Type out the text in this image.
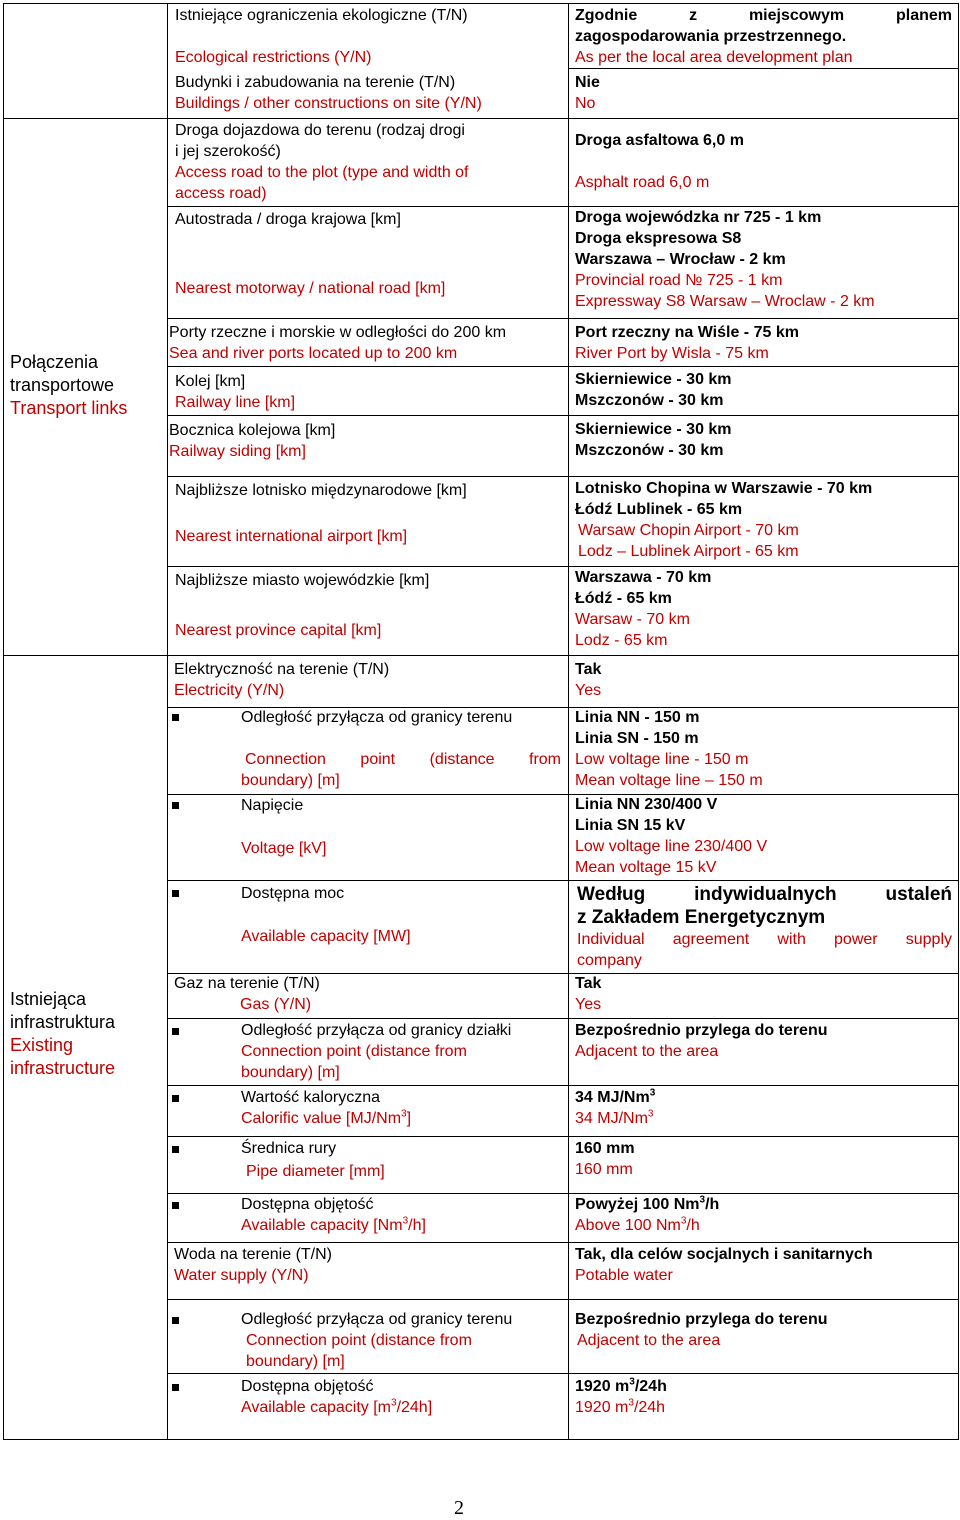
Połączenia
transportowe
Transport links
Istniejąca
infrastruktura
Existing
infrastructure
Istniejące ograniczenia ekologiczne (T/N)
Ecological restrictions (Y/N)
Zgodnie z miejscowym planem
zagospodarowania przestrzennego.
As per the local area development plan
Budynki i zabudowania na terenie (T/N)
Buildings / other constructions on site (Y/N)
Nie
No
Droga dojazdowa do terenu (rodzaj drogi
i jej szerokość)
Access road to the plot (type and width of
access road)
Droga asfaltowa 6,0 m
Asphalt road 6,0 m
Autostrada / droga krajowa [km]
Nearest motorway / national road [km]
Droga wojewódzka nr 725 - 1 km
Droga ekspresowa S8
Warszawa – Wrocław - 2 km
Provincial road № 725 - 1 km
Expressway S8 Warsaw – Wroclaw - 2 km
Porty rzeczne i morskie w odległości do 200 km
Sea and river ports located up to 200 km
Port rzeczny na Wiśle - 75 km
River Port by Wisla - 75 km
Kolej [km]
Railway line [km]
Skierniewice - 30 km
Mszczonów - 30 km
Bocznica kolejowa [km]
Railway siding [km]
Skierniewice - 30 km
Mszczonów - 30 km
Najbliższe lotnisko międzynarodowe [km]
Nearest international airport [km]
Lotnisko Chopina w Warszawie - 70 km
Łódź Lublinek - 65 km
Warsaw Chopin Airport - 70 km
Lodz – Lublinek Airport - 65 km
Najbliższe miasto wojewódzkie [km]
Nearest province capital [km]
Warszawa - 70 km
Łódź - 65 km
Warsaw - 70 km
Lodz - 65 km
Elektryczność na terenie (T/N)
Electricity (Y/N)
Tak
Yes
Odległość przyłącza od granicy terenu
Connection point (distance from
boundary) [m]
Linia NN - 150 m
Linia SN - 150 m
Low voltage line - 150 m
Mean voltage line – 150 m
Napięcie
Voltage [kV]
Linia NN 230/400 V
Linia SN 15 kV
Low voltage line 230/400 V
Mean voltage 15 kV
Dostępna moc
Available capacity [MW]
Według indywidualnych ustaleń
z Zakładem Energetycznym
Individual agreement with power supply
company
Gaz na terenie (T/N)
Gas (Y/N)
Tak
Yes
Odległość przyłącza od granicy działki
Connection point (distance from
boundary) [m]
Bezpośrednio przylega do terenu
Adjacent to the area
Wartość kaloryczna
Calorific value [MJ/Nm$^3$]
34 MJ/Nm$^3$
34 MJ/Nm$^3$
Średnica rury
Pipe diameter [mm]
160 mm
160 mm
Dostępna objętość
Available capacity [Nm$^3$/h]
Powyżej 100 Nm$^3$/h
Above 100 Nm$^3$/h
Woda na terenie (T/N)
Water supply (Y/N)
Tak, dla celów socjalnych i sanitarnych
Potable water
Odległość przyłącza od granicy terenu
Connection point (distance from
boundary) [m]
Bezpośrednio przylega do terenu
Adjacent to the area
Dostępna objętość
Available capacity $[m^3/24h]$
1920 $m^3/24h$
1920 $m^3/24h$
2
